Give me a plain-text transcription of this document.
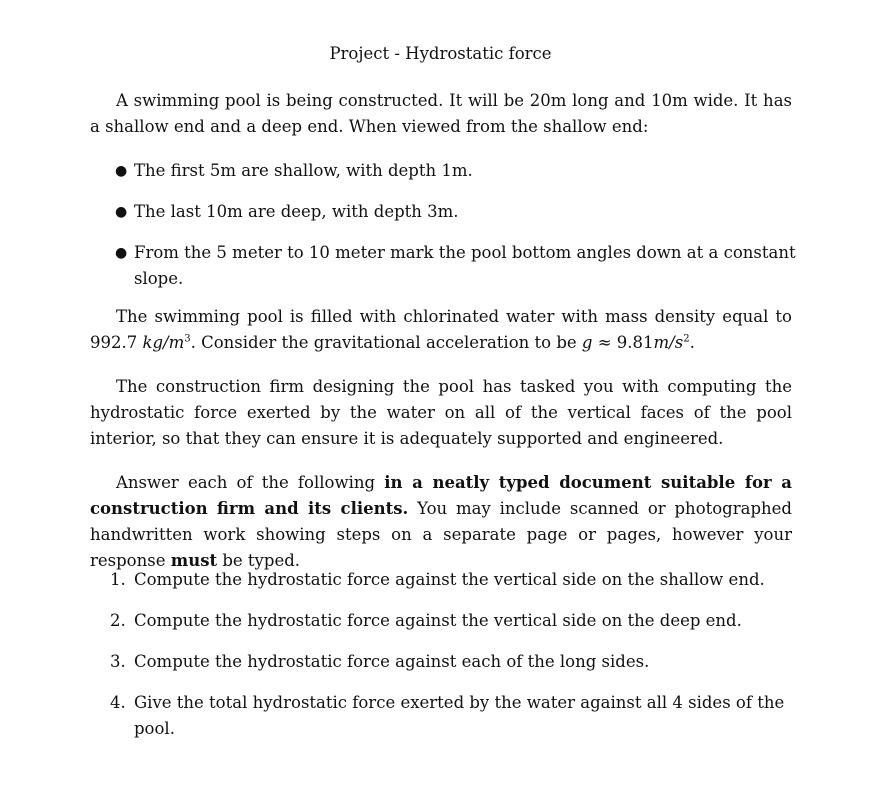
Project - Hydrostatic force

A swimming pool is being constructed. It will be 20m long and 10m wide. It has a shallow end and a deep end. When viewed from the shallow end:

● The first 5m are shallow, with depth 1m.
● The last 10m are deep, with depth 3m.
● From the 5 meter to 10 meter mark the pool bottom angles down at a constant slope.

The swimming pool is filled with chlorinated water with mass density equal to 992.7 $kg/m^3$. Consider the gravitational acceleration to be $g \approx 9.81m/s^2$.

The construction firm designing the pool has tasked you with computing the hydrostatic force exerted by the water on all of the vertical faces of the pool interior, so that they can ensure it is adequately supported and engineered.

Answer each of the following in a neatly typed document suitable for a construction firm and its clients. You may include scanned or photographed handwritten work showing steps on a separate page or pages, however your response must be typed.

1. Compute the hydrostatic force against the vertical side on the shallow end.
2. Compute the hydrostatic force against the vertical side on the deep end.
3. Compute the hydrostatic force against each of the long sides.
4. Give the total hydrostatic force exerted by the water against all 4 sides of the pool.
